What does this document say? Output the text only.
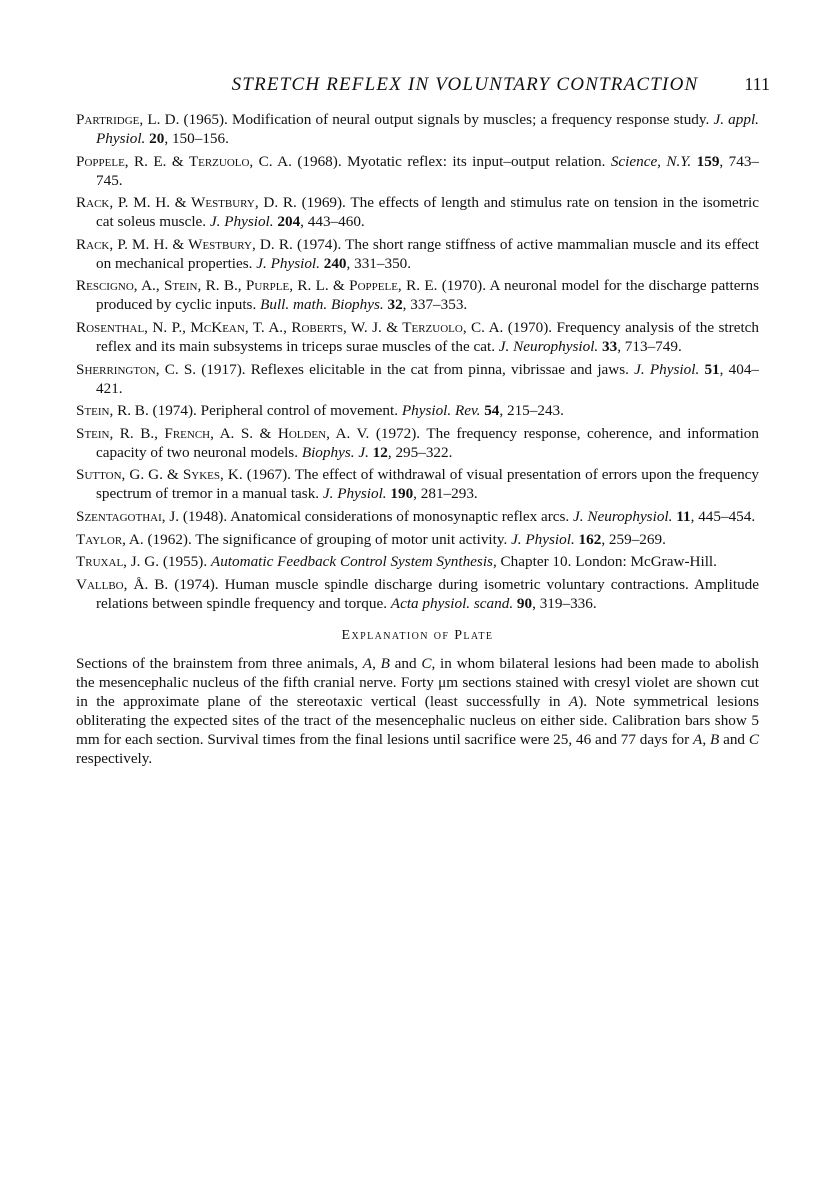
STRETCH REFLEX IN VOLUNTARY CONTRACTION	111

Partridge, L. D. (1965). Modification of neural output signals by muscles; a frequency response study. J. appl. Physiol. 20, 150–156.

Poppele, R. E. & Terzuolo, C. A. (1968). Myotatic reflex: its input–output relation. Science, N.Y. 159, 743–745.

Rack, P. M. H. & Westbury, D. R. (1969). The effects of length and stimulus rate on tension in the isometric cat soleus muscle. J. Physiol. 204, 443–460.

Rack, P. M. H. & Westbury, D. R. (1974). The short range stiffness of active mammalian muscle and its effect on mechanical properties. J. Physiol. 240, 331–350.

Rescigno, A., Stein, R. B., Purple, R. L. & Poppele, R. E. (1970). A neuronal model for the discharge patterns produced by cyclic inputs. Bull. math. Biophys. 32, 337–353.

Rosenthal, N. P., McKean, T. A., Roberts, W. J. & Terzuolo, C. A. (1970). Frequency analysis of the stretch reflex and its main subsystems in triceps surae muscles of the cat. J. Neurophysiol. 33, 713–749.

Sherrington, C. S. (1917). Reflexes elicitable in the cat from pinna, vibrissae and jaws. J. Physiol. 51, 404–421.

Stein, R. B. (1974). Peripheral control of movement. Physiol. Rev. 54, 215–243.

Stein, R. B., French, A. S. & Holden, A. V. (1972). The frequency response, coherence, and information capacity of two neuronal models. Biophys. J. 12, 295–322.

Sutton, G. G. & Sykes, K. (1967). The effect of withdrawal of visual presentation of errors upon the frequency spectrum of tremor in a manual task. J. Physiol. 190, 281–293.

Szentagothai, J. (1948). Anatomical considerations of monosynaptic reflex arcs. J. Neurophysiol. 11, 445–454.

Taylor, A. (1962). The significance of grouping of motor unit activity. J. Physiol. 162, 259–269.

Truxal, J. G. (1955). Automatic Feedback Control System Synthesis, Chapter 10. London: McGraw-Hill.

Vallbo, Å. B. (1974). Human muscle spindle discharge during isometric voluntary contractions. Amplitude relations between spindle frequency and torque. Acta physiol. scand. 90, 319–336.

Explanation of Plate

Sections of the brainstem from three animals, A, B and C, in whom bilateral lesions had been made to abolish the mesencephalic nucleus of the fifth cranial nerve. Forty μm sections stained with cresyl violet are shown cut in the approximate plane of the stereotaxic vertical (least successfully in A). Note symmetrical lesions obliterating the expected sites of the tract of the mesencephalic nucleus on either side. Calibration bars show 5 mm for each section. Survival times from the final lesions until sacrifice were 25, 46 and 77 days for A, B and C respectively.
